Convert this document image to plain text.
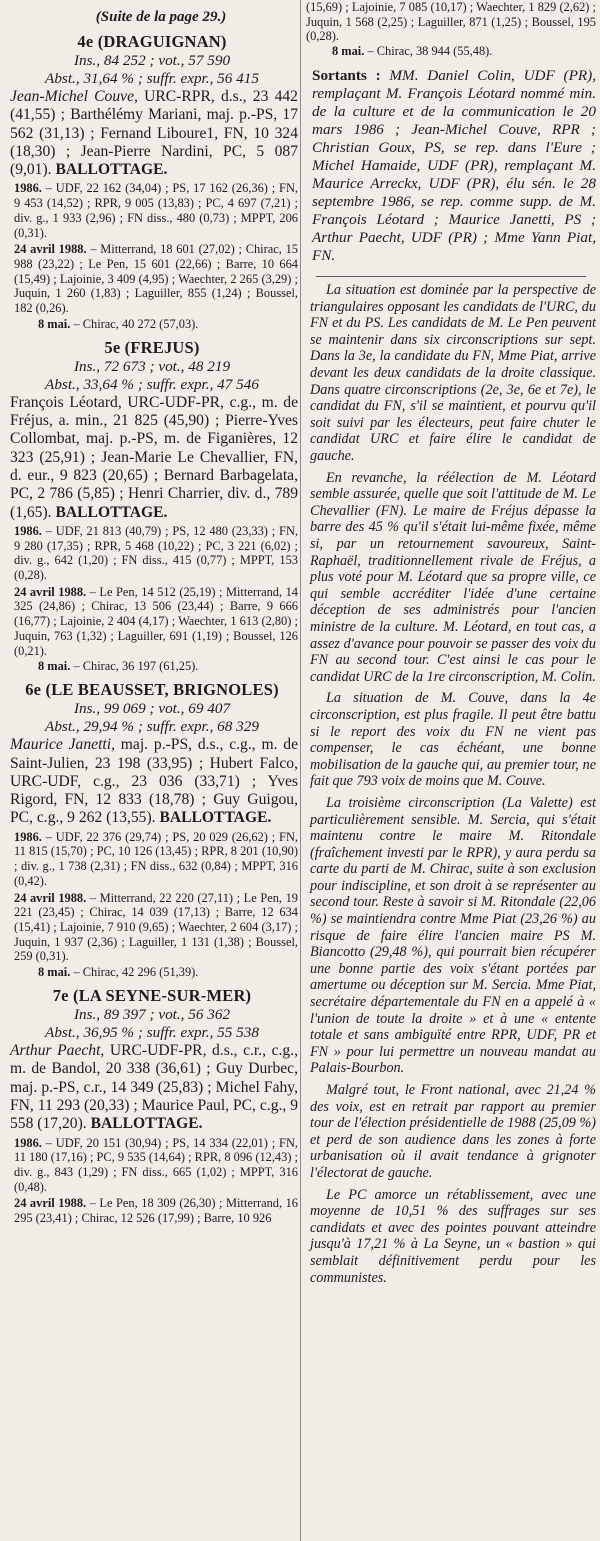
(Suite de la page 29.)
4e (DRAGUIGNAN)
Ins., 84 252 ; vot., 57 590
Abst., 31,64 % ; suffr. expr., 56 415
Jean-Michel Couve, URC-RPR, d.s., 23 442 (41,55) ; Barthélémy Mariani, maj. p.-PS, 17 562 (31,13) ; Fernand Liboure1, FN, 10 324 (18,30) ; Jean-Pierre Nardini, PC, 5 087 (9,01). BALLOTTAGE.
1986. – UDF, 22 162 (34,04) ; PS, 17 162 (26,36) ; FN, 9 453 (14,52) ; RPR, 9 005 (13,83) ; PC, 4 697 (7,21) ; div. g., 1 933 (2,96) ; FN diss., 480 (0,73) ; MPPT, 206 (0,31).
24 avril 1988. – Mitterrand, 18 601 (27,02) ; Chirac, 15 988 (23,22) ; Le Pen, 15 601 (22,66) ; Barre, 10 664 (15,49) ; Lajoinie, 3 409 (4,95) ; Waechter, 2 265 (3,29) ; Juquin, 1 260 (1,83) ; Laguiller, 855 (1,24) ; Boussel, 182 (0,26).
8 mai. – Chirac, 40 272 (57,03).
5e (FREJUS)
Ins., 72 673 ; vot., 48 219
Abst., 33,64 % ; suffr. expr., 47 546
François Léotard, URC-UDF-PR, c.g., m. de Fréjus, a. min., 21 825 (45,90) ; Pierre-Yves Collombat, maj. p.-PS, m. de Figanières, 12 323 (25,91) ; Jean-Marie Le Chevallier, FN, d. eur., 9 823 (20,65) ; Bernard Barbagelata, PC, 2 786 (5,85) ; Henri Charrier, div. d., 789 (1,65). BALLOTTAGE.
1986. – UDF, 21 813 (40,79) ; PS, 12 480 (23,33) ; FN, 9 280 (17,35) ; RPR, 5 468 (10,22) ; PC, 3 221 (6,02) ; div. g., 642 (1,20) ; FN diss., 415 (0,77) ; MPPT, 153 (0,28).
24 avril 1988. – Le Pen, 14 512 (25,19) ; Mitterrand, 14 325 (24,86) ; Chirac, 13 506 (23,44) ; Barre, 9 666 (16,77) ; Lajoinie, 2 404 (4,17) ; Waechter, 1 613 (2,80) ; Juquin, 763 (1,32) ; Laguiller, 691 (1,19) ; Boussel, 126 (0,21).
8 mai. – Chirac, 36 197 (61,25).
6e (LE BEAUSSET, BRIGNOLES)
Ins., 99 069 ; vot., 69 407
Abst., 29,94 % ; suffr. expr., 68 329
Maurice Janetti, maj. p.-PS, d.s., c.g., m. de Saint-Julien, 23 198 (33,95) ; Hubert Falco, URC-UDF, c.g., 23 036 (33,71) ; Yves Rigord, FN, 12 833 (18,78) ; Guy Guigou, PC, c.g., 9 262 (13,55). BALLOTTAGE.
1986. – UDF, 22 376 (29,74) ; PS, 20 029 (26,62) ; FN, 11 815 (15,70) ; PC, 10 126 (13,45) ; RPR, 8 201 (10,90) ; div. g., 1 738 (2,31) ; FN diss., 632 (0,84) ; MPPT, 316 (0,42).
24 avril 1988. – Mitterrand, 22 220 (27,11) ; Le Pen, 19 221 (23,45) ; Chirac, 14 039 (17,13) ; Barre, 12 634 (15,41) ; Lajoinie, 7 910 (9,65) ; Waechter, 2 604 (3,17) ; Juquin, 1 937 (2,36) ; Laguiller, 1 131 (1,38) ; Boussel, 259 (0,31).
8 mai. – Chirac, 42 296 (51,39).
7e (LA SEYNE-SUR-MER)
Ins., 89 397 ; vot., 56 362
Abst., 36,95 % ; suffr. expr., 55 538
Arthur Paecht, URC-UDF-PR, d.s., c.r., c.g., m. de Bandol, 20 338 (36,61) ; Guy Durbec, maj. p.-PS, c.r., 14 349 (25,83) ; Michel Fahy, FN, 11 293 (20,33) ; Maurice Paul, PC, c.g., 9 558 (17,20). BALLOTTAGE.
1986. – UDF, 20 151 (30,94) ; PS, 14 334 (22,01) ; FN, 11 180 (17,16) ; PC, 9 535 (14,64) ; RPR, 8 096 (12,43) ; div. g., 843 (1,29) ; FN diss., 665 (1,02) ; MPPT, 316 (0,48).
24 avril 1988. – Le Pen, 18 309 (26,30) ; Mitterrand, 16 295 (23,41) ; Chirac, 12 526 (17,99) ; Barre, 10 926
(15,69) ; Lajoinie, 7 085 (10,17) ; Waechter, 1 829 (2,62) ; Juquin, 1 568 (2,25) ; Laguiller, 871 (1,25) ; Boussel, 195 (0,28).
8 mai. – Chirac, 38 944 (55,48).
Sortants : MM. Daniel Colin, UDF (PR), remplaçant M. François Léotard nommé min. de la culture et de la communication le 20 mars 1986 ; Jean-Michel Couve, RPR ; Christian Goux, PS, se rep. dans l'Eure ; Michel Hamaide, UDF (PR), remplaçant M. Maurice Arreckx, UDF (PR), élu sén. le 28 septembre 1986, se rep. comme supp. de M. François Léotard ; Maurice Janetti, PS ; Arthur Paecht, UDF (PR) ; Mme Yann Piat, FN.

La situation est dominée par la perspective de triangulaires opposant les candidats de l'URC, du FN et du PS. Les candidats de M. Le Pen peuvent se maintenir dans six circonscriptions sur sept. Dans la 3e, la candidate du FN, Mme Piat, arrive devant les deux candidats de la droite classique. Dans quatre circonscriptions (2e, 3e, 6e et 7e), le candidat du FN, s'il se maintient, et pourvu qu'il soit suivi par les électeurs, peut faire chuter le candidat URC et faire élire le candidat de gauche.

En revanche, la réélection de M. Léotard semble assurée, quelle que soit l'attitude de M. Le Chevallier (FN). Le maire de Fréjus dépasse la barre des 45 % qu'il s'était lui-même fixée, même si, par un retournement savoureux, Saint-Raphaël, traditionnellement rivale de Fréjus, a plus voté pour M. Léotard que sa propre ville, ce qui semble accréditer l'idée d'une certaine déception de ses administrés pour l'ancien ministre de la culture. M. Léotard, en tout cas, a assez d'avance pour pouvoir se passer des voix du FN au second tour. C'est ainsi le cas pour le candidat URC de la 1re circonscription, M. Colin.

La situation de M. Couve, dans la 4e circonscription, est plus fragile. Il peut être battu si le report des voix du FN ne vient pas compenser, le cas échéant, une bonne mobilisation de la gauche qui, au premier tour, ne fait que 793 voix de moins que M. Couve.

La troisième circonscription (La Valette) est particulièrement sensible. M. Sercia, qui s'était maintenu contre le maire M. Ritondale (fraîchement investi par le RPR), y aura perdu sa carte du parti de M. Chirac, suite à son exclusion pour indiscipline, et son droit à se représenter au second tour. Reste à savoir si M. Ritondale (22,06 %) se maintiendra contre Mme Piat (23,26 %) au risque de faire élire l'ancien maire PS M. Biancotto (29,48 %), qui pourrait bien récupérer une bonne partie des voix s'étant portées par amertume ou déception sur M. Sercia. Mme Piat, secrétaire départementale du FN en a appelé à « l'union de toute la droite » et à une « entente totale et sans ambiguïté entre RPR, UDF, PR et FN » pour lui permettre un nouveau mandat au Palais-Bourbon.

Malgré tout, le Front national, avec 21,24 % des voix, est en retrait par rapport au premier tour de l'élection présidentielle de 1988 (25,09 %) et perd de son audience dans les zones à forte urbanisation où il avait tendance à grignoter l'électorat de gauche.

Le PC amorce un rétablissement, avec une moyenne de 10,51 % des suffrages sur ses candidats et avec des pointes pouvant atteindre jusqu'à 17,21 % à La Seyne, un « bastion » qui semblait définitivement perdu pour les communistes.
